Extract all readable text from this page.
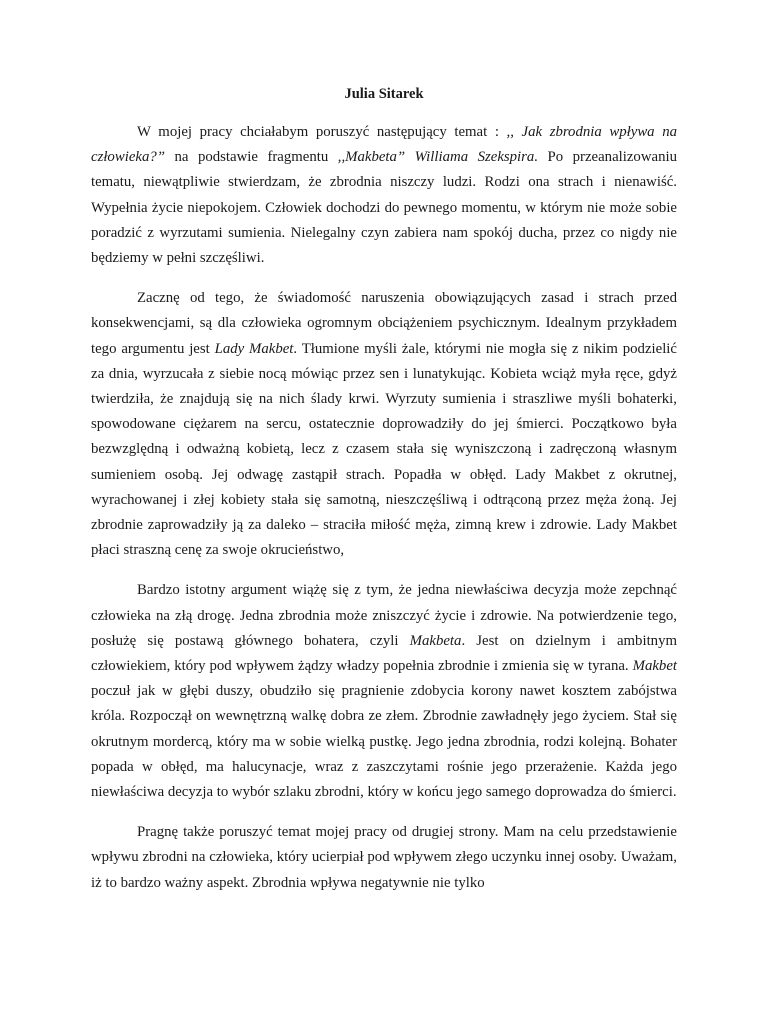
Julia Sitarek

W mojej pracy chciałabym poruszyć następujący temat : ,, Jak zbrodnia wpływa na człowieka?” na podstawie fragmentu ,,Makbeta” Williama Szekspira. Po przeanalizowaniu tematu, niewątpliwie stwierdzam, że zbrodnia niszczy ludzi. Rodzi ona strach i nienawiść. Wypełnia życie niepokojem. Człowiek dochodzi do pewnego momentu, w którym nie może sobie poradzić z wyrzutami sumienia. Nielegalny czyn zabiera nam spokój ducha, przez co nigdy nie będziemy w pełni szczęśliwi.

Zacznę od tego, że świadomość naruszenia obowiązujących zasad i strach przed konsekwencjami, są dla człowieka ogromnym obciążeniem psychicznym. Idealnym przykładem tego argumentu jest Lady Makbet. Tłumione myśli żale, którymi nie mogła się z nikim podzielić za dnia, wyrzucała z siebie nocą mówiąc przez sen i lunatykując. Kobieta wciąż myła ręce, gdyż twierdziła, że znajdują się na nich ślady krwi. Wyrzuty sumienia i straszliwe myśli bohaterki, spowodowane ciężarem na sercu, ostatecznie doprowadziły do jej śmierci. Początkowo była bezwzględną i odważną kobietą, lecz z czasem stała się wyniszczoną i zadręczoną własnym sumieniem osobą. Jej odwagę zastąpił strach. Popadła w obłęd. Lady Makbet z okrutnej, wyrachowanej i złej kobiety stała się samotną, nieszczęśliwą i odtrąconą przez męża żoną. Jej zbrodnie zaprowadziły ją za daleko – straciła miłość męża, zimną krew i zdrowie. Lady Makbet płaci straszną cenę za swoje okrucieństwo,

Bardzo istotny argument wiążę się z tym, że jedna niewłaściwa decyzja może zepchnąć człowieka na złą drogę. Jedna zbrodnia może zniszczyć życie i zdrowie. Na potwierdzenie tego, posłużę się postawą głównego bohatera, czyli Makbeta. Jest on dzielnym i ambitnym człowiekiem, który pod wpływem żądzy władzy popełnia zbrodnie i zmienia się w tyrana. Makbet poczuł jak w głębi duszy, obudziło się pragnienie zdobycia korony nawet kosztem zabójstwa króla. Rozpoczął on wewnętrzną walkę dobra ze złem. Zbrodnie zawładnęły jego życiem. Stał się okrutnym mordercą, który ma w sobie wielką pustkę. Jego jedna zbrodnia, rodzi kolejną. Bohater popada w obłęd, ma halucynacje, wraz z zaszczytami rośnie jego przerażenie. Każda jego niewłaściwa decyzja to wybór szlaku zbrodni, który w końcu jego samego doprowadza do śmierci.

Pragnę także poruszyć temat mojej pracy od drugiej strony. Mam na celu przedstawienie wpływu zbrodni na człowieka, który ucierpiał pod wpływem złego uczynku innej osoby. Uważam, iż to bardzo ważny aspekt. Zbrodnia wpływa negatywnie nie tylko
